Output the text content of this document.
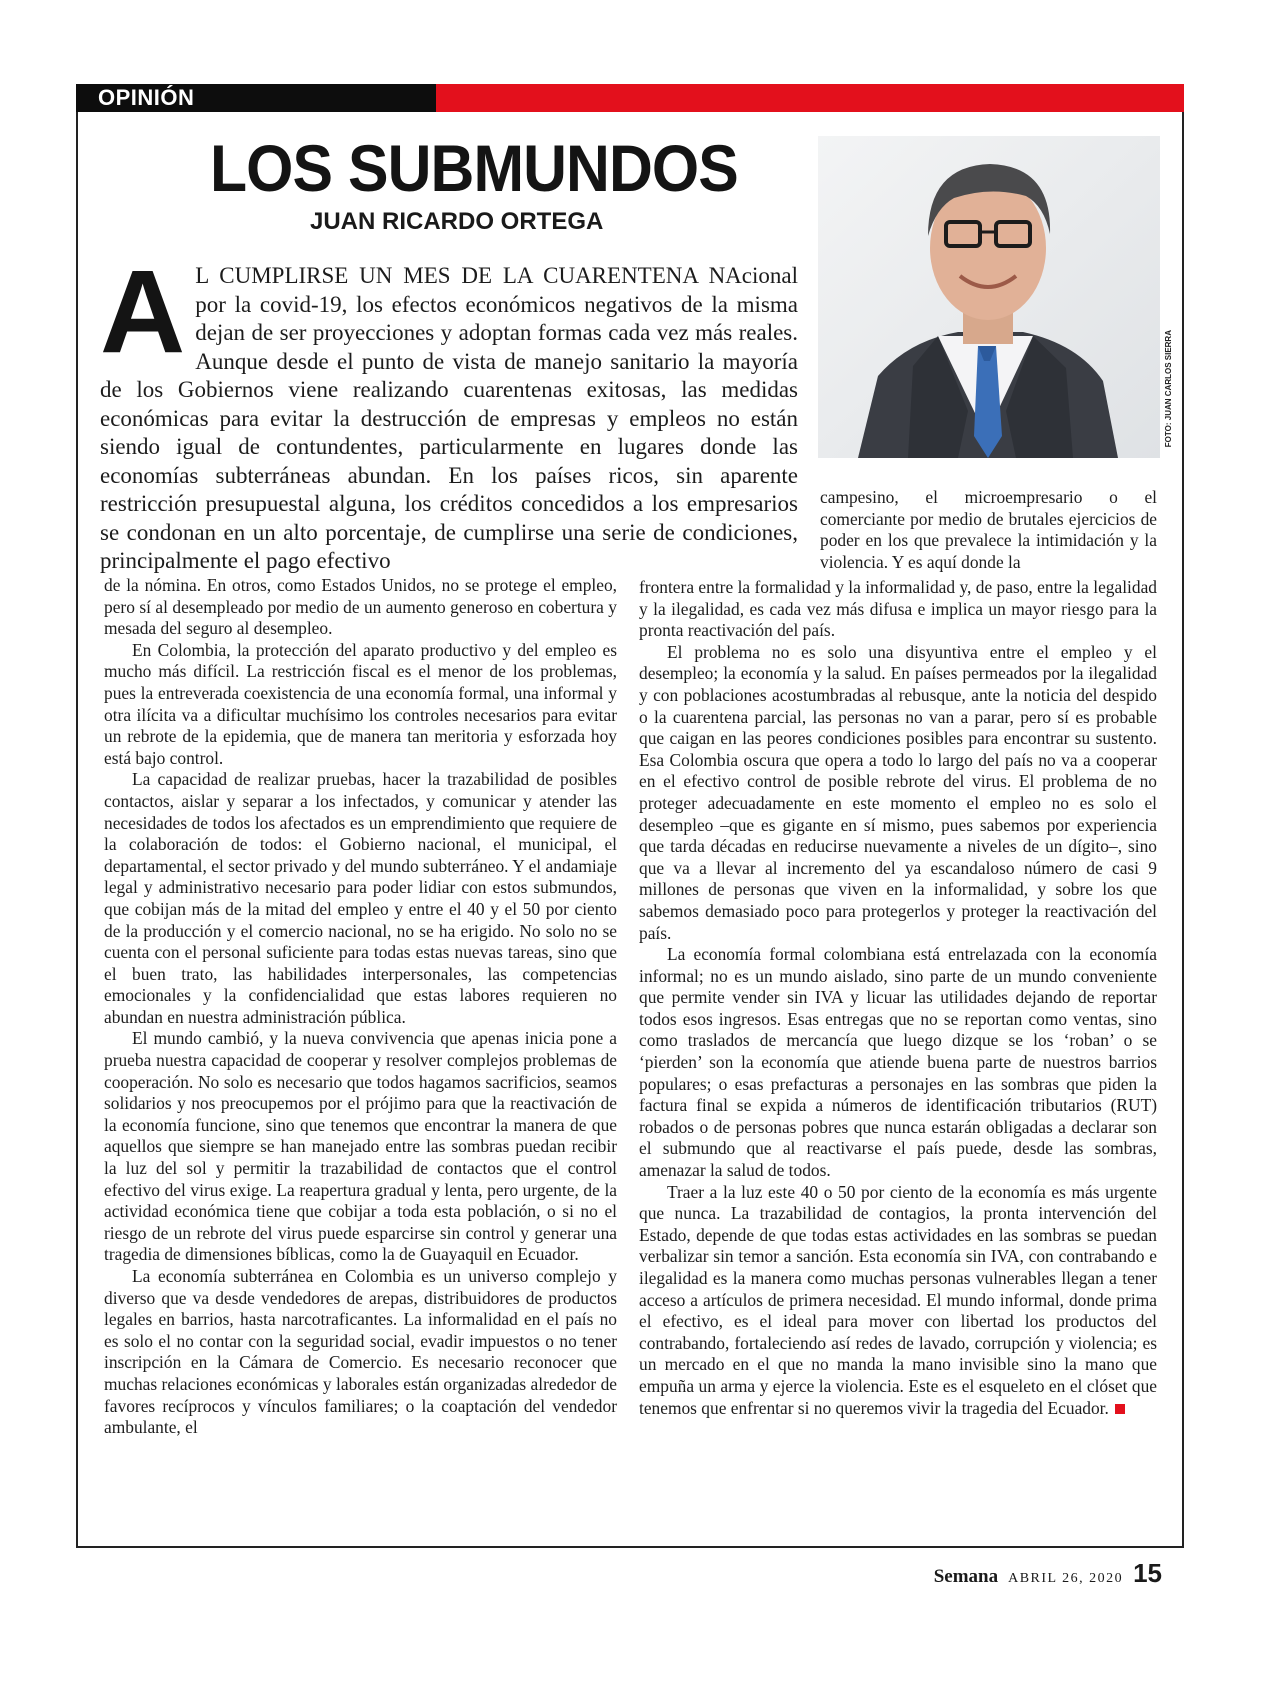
OPINIÓN
LOS SUBMUNDOS
JUAN RICARDO ORTEGA
FOTO: JUAN CARLOS SIERRA
A L CUMPLIRSE UN MES DE LA CUARENTENA NAcional por la covid-19, los efectos económicos negativos de la misma dejan de ser proyecciones y adoptan formas cada vez más reales. Aunque desde el punto de vista de manejo sanitario la mayoría de los Gobiernos viene realizando cuarentenas exitosas, las medidas económicas para evitar la destrucción de empresas y empleos no están siendo igual de contundentes, particularmente en lugares donde las economías subterráneas abundan. En los países ricos, sin aparente restricción presupuestal alguna, los créditos concedidos a los empresarios se condonan en un alto porcentaje, de cumplirse una serie de condiciones, principalmente el pago efectivo

campesino, el microempresario o el comerciante por medio de brutales ejercicios de poder en los que prevalece la intimidación y la violencia. Y es aquí donde la

de la nómina. En otros, como Estados Unidos, no se protege el empleo, pero sí al desempleado por medio de un aumento generoso en cobertura y mesada del seguro al desempleo.

En Colombia, la protección del aparato productivo y del empleo es mucho más difícil. La restricción fiscal es el menor de los problemas, pues la entreverada coexistencia de una economía formal, una informal y otra ilícita va a dificultar muchísimo los controles necesarios para evitar un rebrote de la epidemia, que de manera tan meritoria y esforzada hoy está bajo control.

La capacidad de realizar pruebas, hacer la trazabilidad de posibles contactos, aislar y separar a los infectados, y comunicar y atender las necesidades de todos los afectados es un emprendimiento que requiere de la colaboración de todos: el Gobierno nacional, el municipal, el departamental, el sector privado y del mundo subterráneo. Y el andamiaje legal y administrativo necesario para poder lidiar con estos submundos, que cobijan más de la mitad del empleo y entre el 40 y el 50 por ciento de la producción y el comercio nacional, no se ha erigido. No solo no se cuenta con el personal suficiente para todas estas nuevas tareas, sino que el buen trato, las habilidades interpersonales, las competencias emocionales y la confidencialidad que estas labores requieren no abundan en nuestra administración pública.

El mundo cambió, y la nueva convivencia que apenas inicia pone a prueba nuestra capacidad de cooperar y resolver complejos problemas de cooperación. No solo es necesario que todos hagamos sacrificios, seamos solidarios y nos preocupemos por el prójimo para que la reactivación de la economía funcione, sino que tenemos que encontrar la manera de que aquellos que siempre se han manejado entre las sombras puedan recibir la luz del sol y permitir la trazabilidad de contactos que el control efectivo del virus exige. La reapertura gradual y lenta, pero urgente, de la actividad económica tiene que cobijar a toda esta población, o si no el riesgo de un rebrote del virus puede esparcirse sin control y generar una tragedia de dimensiones bíblicas, como la de Guayaquil en Ecuador.

La economía subterránea en Colombia es un universo complejo y diverso que va desde vendedores de arepas, distribuidores de productos legales en barrios, hasta narcotraficantes. La informalidad en el país no es solo el no contar con la seguridad social, evadir impuestos o no tener inscripción en la Cámara de Comercio. Es necesario reconocer que muchas relaciones económicas y laborales están organizadas alrededor de favores recíprocos y vínculos familiares; o la coaptación del vendedor ambulante, el

frontera entre la formalidad y la informalidad y, de paso, entre la legalidad y la ilegalidad, es cada vez más difusa e implica un mayor riesgo para la pronta reactivación del país.

El problema no es solo una disyuntiva entre el empleo y el desempleo; la economía y la salud. En países permeados por la ilegalidad y con poblaciones acostumbradas al rebusque, ante la noticia del despido o la cuarentena parcial, las personas no van a parar, pero sí es probable que caigan en las peores condiciones posibles para encontrar su sustento. Esa Colombia oscura que opera a todo lo largo del país no va a cooperar en el efectivo control de posible rebrote del virus. El problema de no proteger adecuadamente en este momento el empleo no es solo el desempleo –que es gigante en sí mismo, pues sabemos por experiencia que tarda décadas en reducirse nuevamente a niveles de un dígito–, sino que va a llevar al incremento del ya escandaloso número de casi 9 millones de personas que viven en la informalidad, y sobre los que sabemos demasiado poco para protegerlos y proteger la reactivación del país.

La economía formal colombiana está entrelazada con la economía informal; no es un mundo aislado, sino parte de un mundo conveniente que permite vender sin IVA y licuar las utilidades dejando de reportar todos esos ingresos. Esas entregas que no se reportan como ventas, sino como traslados de mercancía que luego dizque se los ‘roban’ o se ‘pierden’ son la economía que atiende buena parte de nuestros barrios populares; o esas prefacturas a personajes en las sombras que piden la factura final se expida a números de identificación tributarios (RUT) robados o de personas pobres que nunca estarán obligadas a declarar son el submundo que al reactivarse el país puede, desde las sombras, amenazar la salud de todos.

Traer a la luz este 40 o 50 por ciento de la economía es más urgente que nunca. La trazabilidad de contagios, la pronta intervención del Estado, depende de que todas estas actividades en las sombras se puedan verbalizar sin temor a sanción. Esta economía sin IVA, con contrabando e ilegalidad es la manera como muchas personas vulnerables llegan a tener acceso a artículos de primera necesidad. El mundo informal, donde prima el efectivo, es el ideal para mover con libertad los productos del contrabando, fortaleciendo así redes de lavado, corrupción y violencia; es un mercado en el que no manda la mano invisible sino la mano que empuña un arma y ejerce la violencia. Este es el esqueleto en el clóset que tenemos que enfrentar si no queremos vivir la tragedia del Ecuador.

Semana ABRIL 26, 2020 15
